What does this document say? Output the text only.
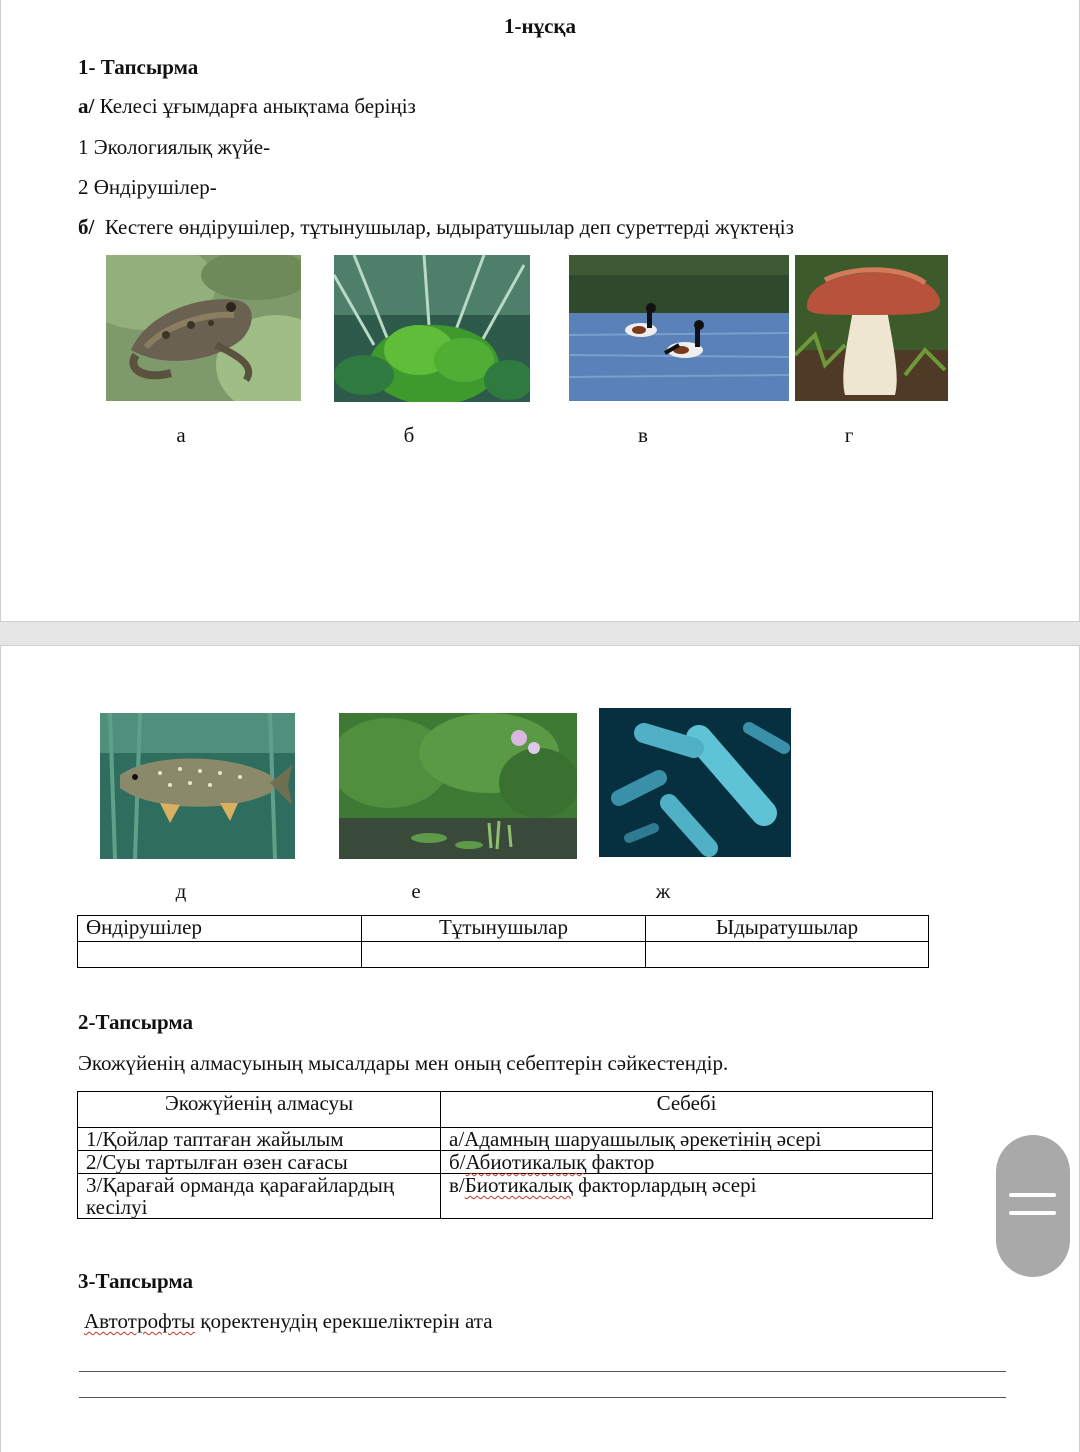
1-нұсқа
1- Тапсырма
а/ Келесі ұғымдарға анықтама беріңіз
1 Экологиялық жүйе-
2 Өндірушілер-
б/ Кестеге өндірушілер, тұтынушылар, ыдыратушылар деп суреттерді жүктеңіз
а	б	в	г
д	е	ж
Өндірушілер	Тұтынушылар	Ыдыратушылар

2-Тапсырма
Экожүйенің алмасуының мысалдары мен оның себептерін сәйкестендір.
Экожүйенің алмасуы	Себебі
1/Қойлар таптаған жайылым	а/Адамның шаруашылық әрекетінің әсері
2/Суы тартылған өзен сағасы	б/Абиотикалық фактор
3/Қарағай орманда қарағайлардың
кесілуі	в/Биотикалық факторлардың әсері
3-Тапсырма
Автотрофты қоректенудің ерекшеліктерін ата
